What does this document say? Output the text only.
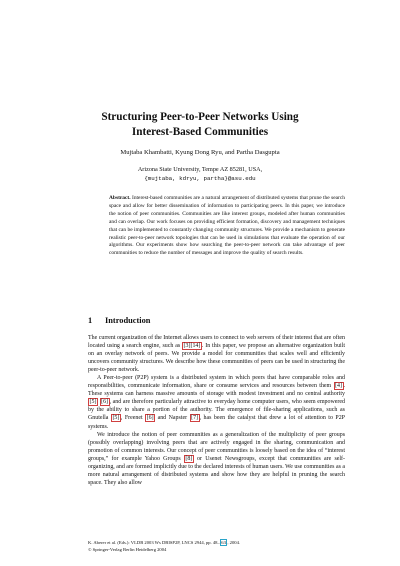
Structuring Peer-to-Peer Networks Using
Interest-Based Communities
Mujtaba Khambatti, Kyung Dong Ryu, and Partha Dasgupta
Arizona State University, Tempe AZ 85281, USA,
{mujtaba, kdryu, partha}@asu.edu
Abstract. Interest-based communities are a natural arrangement of distributed systems that prune the search space and allow for better dissemination of information to participating peers. In this paper, we introduce the notion of peer communities. Communities are like interest groups, modeled after human communities and can overlap. Our work focuses on providing efficient formation, discovery and management techniques that can be implemented to constantly changing community structures. We provide a mechanism to generate realistic peer-to-peer network topologies that can be used in simulations that evaluate the operation of our algorithms. Our experiments show how searching the peer-to-peer network can take advantage of peer communities to reduce the number of messages and improve the quality of search results.
1 Introduction

The current organization of the Internet allows users to connect to web servers of their interest that are often located using a search engine, such as [3][14] . In this paper, we propose an alternative organization built on an overlay network of peers. We provide a model for communities that scales well and efficiently uncovers community structures. We describe how these communities of peers can be used in structuring the peer-to-peer network.

A Peer-to-peer (P2P) system is a distributed system in which peers that have comparable roles and responsibilities, communicate information, share or consume services and resources between them [4] . These systems can harness massive amounts of storage with modest investment and no central authority [5] [6] , and are therefore particularly attractive to everyday home computer users, who seem empowered by the ability to share a portion of the authority. The emergence of file-sharing applications, such as Gnutella [5] , Freenet [6] and Napster [7] , has been the catalyst that drew a lot of attention to P2P systems.

We introduce the notion of peer communities as a generalization of the multiplicity of peer groups (possibly overlapping) involving peers that are actively engaged in the sharing, communication and promotion of common interests. Our concept of peer communities is loosely based on the idea of “interest groups,” for example Yahoo Groups [8] or Usenet Newsgroups, except that communities are self-organizing, and are formed implicitly due to the declared interests of human users. We use communities as a more natural arrangement of distributed systems and show how they are helpful in pruning the search space. They also allow

K. Aberer et al. (Eds.): VLDB 2003 Ws DBISP2P, LNCS 2944, pp. 48– 63 , 2004.
© Springer-Verlag Berlin Heidelberg 2004
